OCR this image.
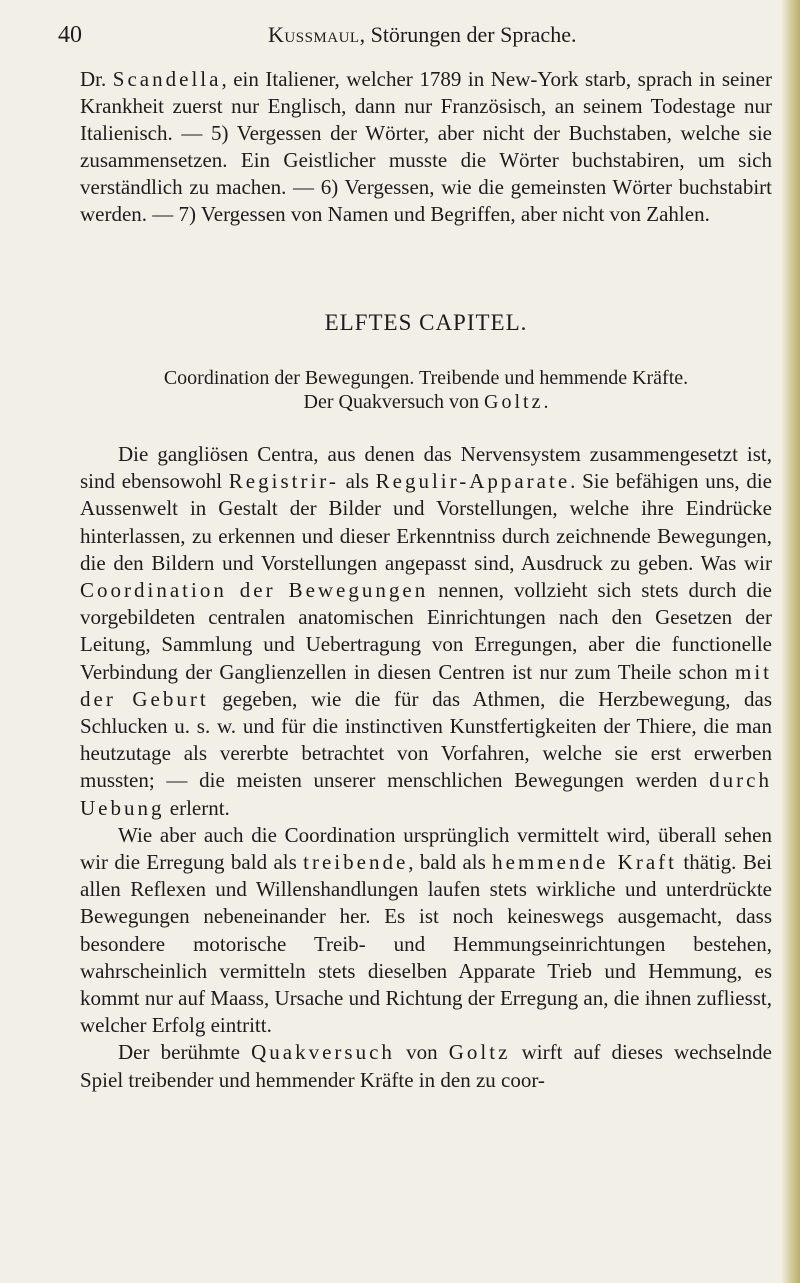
40	Kussmaul, Störungen der Sprache.

Dr. Scandella, ein Italiener, welcher 1789 in New-York starb, sprach in seiner Krankheit zuerst nur Englisch, dann nur Französisch, an seinem Todestage nur Italienisch. — 5) Vergessen der Wörter, aber nicht der Buchstaben, welche sie zusammensetzen. Ein Geistlicher musste die Wörter buchstabiren, um sich verständlich zu machen. — 6) Vergessen, wie die gemeinsten Wörter buchstabirt werden. — 7) Vergessen von Namen und Begriffen, aber nicht von Zahlen.

ELFTES CAPITEL.

Coordination der Bewegungen. Treibende und hemmende Kräfte.

Der Quakversuch von Goltz.

Die gangliösen Centra, aus denen das Nervensystem zusammengesetzt ist, sind ebensowohl Registrir- als Regulir-Apparate. Sie befähigen uns, die Aussenwelt in Gestalt der Bilder und Vorstellungen, welche ihre Eindrücke hinterlassen, zu erkennen und dieser Erkenntniss durch zeichnende Bewegungen, die den Bildern und Vorstellungen angepasst sind, Ausdruck zu geben. Was wir Coordination der Bewegungen nennen, vollzieht sich stets durch die vorgebildeten centralen anatomischen Einrichtungen nach den Gesetzen der Leitung, Sammlung und Uebertragung von Erregungen, aber die functionelle Verbindung der Ganglienzellen in diesen Centren ist nur zum Theile schon mit der Geburt gegeben, wie die für das Athmen, die Herzbewegung, das Schlucken u. s. w. und für die instinctiven Kunstfertigkeiten der Thiere, die man heutzutage als vererbte betrachtet von Vorfahren, welche sie erst erwerben mussten; — die meisten unserer menschlichen Bewegungen werden durch Uebung erlernt.

Wie aber auch die Coordination ursprünglich vermittelt wird, überall sehen wir die Erregung bald als treibende, bald als hemmende Kraft thätig. Bei allen Reflexen und Willenshandlungen laufen stets wirkliche und unterdrückte Bewegungen nebeneinander her. Es ist noch keineswegs ausgemacht, dass besondere motorische Treib- und Hemmungseinrichtungen bestehen, wahrscheinlich vermitteln stets dieselben Apparate Trieb und Hemmung, es kommt nur auf Maass, Ursache und Richtung der Erregung an, die ihnen zufliesst, welcher Erfolg eintritt.

Der berühmte Quakversuch von Goltz wirft auf dieses wechselnde Spiel treibender und hemmender Kräfte in den zu coor-
